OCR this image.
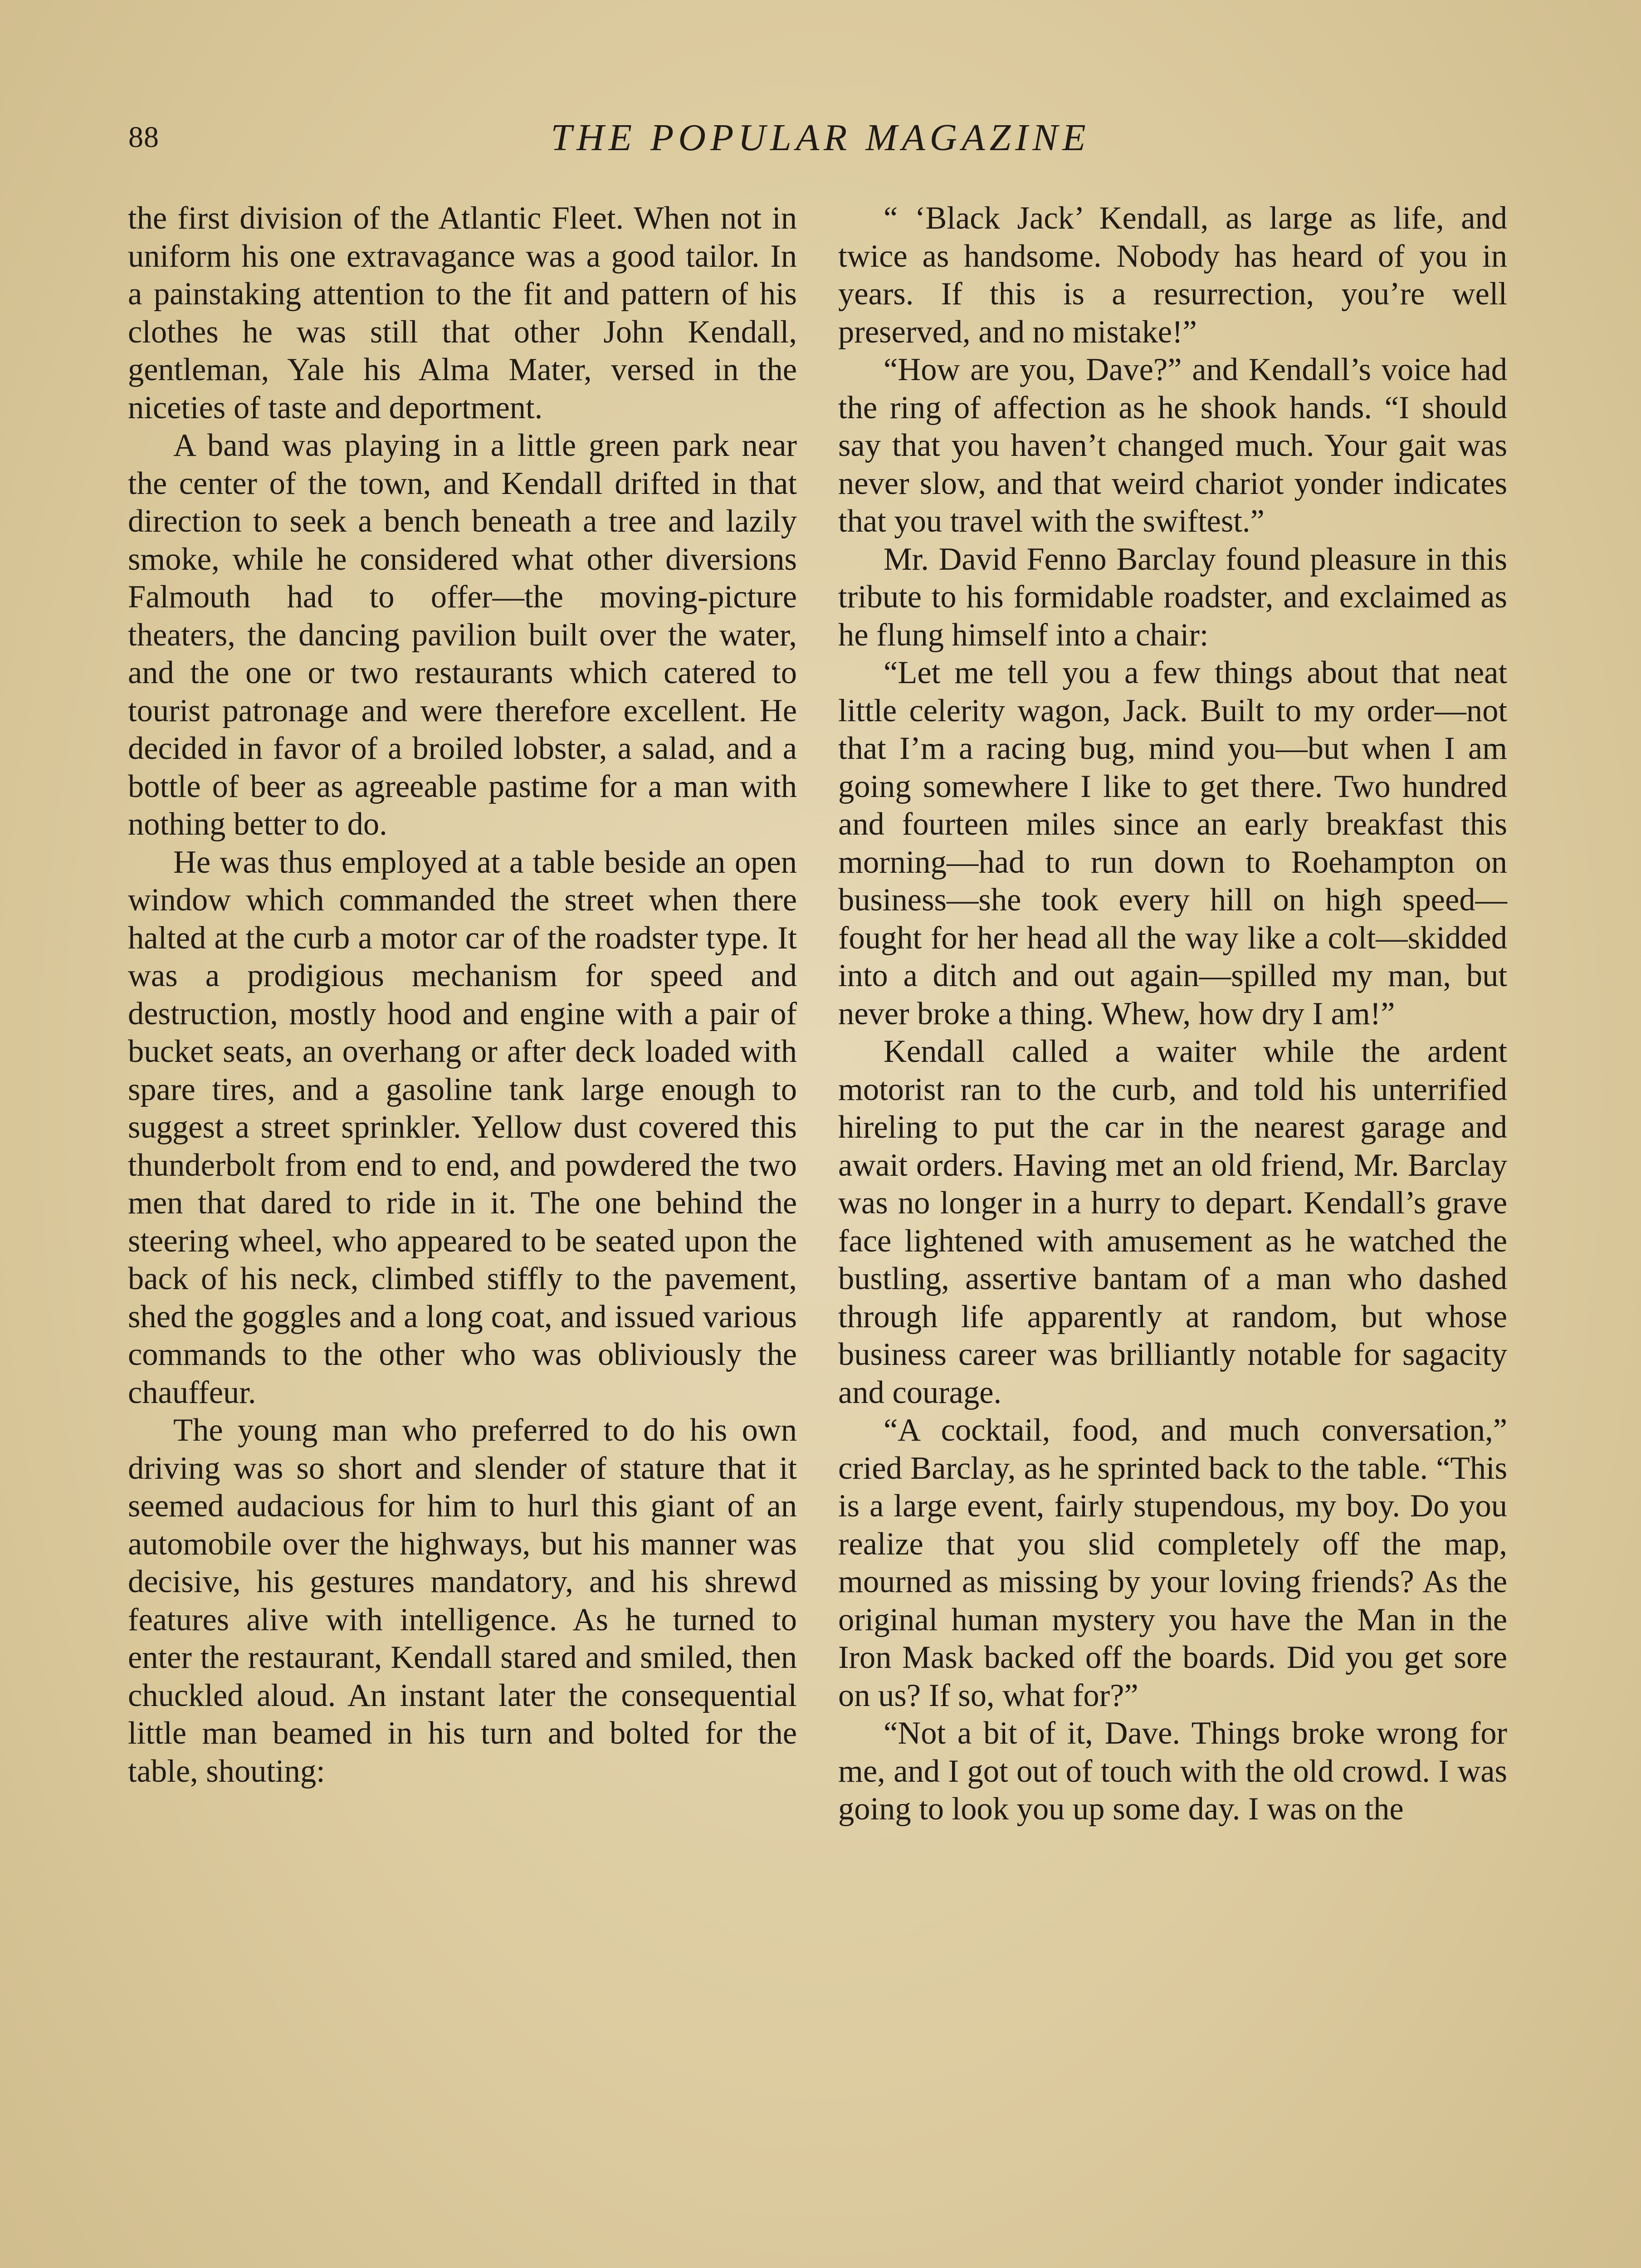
88	THE POPULAR MAGAZINE

the first division of the Atlantic Fleet. When not in uniform his one extravagance was a good tailor. In a painstaking attention to the fit and pattern of his clothes he was still that other John Kendall, gentleman, Yale his Alma Mater, versed in the niceties of taste and deportment.

A band was playing in a little green park near the center of the town, and Kendall drifted in that direction to seek a bench beneath a tree and lazily smoke, while he considered what other diversions Falmouth had to offer—the moving-picture theaters, the dancing pavilion built over the water, and the one or two restaurants which catered to tourist patronage and were therefore excellent. He decided in favor of a broiled lobster, a salad, and a bottle of beer as agreeable pastime for a man with nothing better to do.

He was thus employed at a table beside an open window which commanded the street when there halted at the curb a motor car of the roadster type. It was a prodigious mechanism for speed and destruction, mostly hood and engine with a pair of bucket seats, an overhang or after deck loaded with spare tires, and a gasoline tank large enough to suggest a street sprinkler. Yellow dust covered this thunderbolt from end to end, and powdered the two men that dared to ride in it. The one behind the steering wheel, who appeared to be seated upon the back of his neck, climbed stiffly to the pavement, shed the goggles and a long coat, and issued various commands to the other who was obliviously the chauffeur.

The young man who preferred to do his own driving was so short and slender of stature that it seemed audacious for him to hurl this giant of an automobile over the highways, but his manner was decisive, his gestures mandatory, and his shrewd features alive with intelligence. As he turned to enter the restaurant, Kendall stared and smiled, then chuckled aloud. An instant later the consequential little man beamed in his turn and bolted for the table, shouting:

“ ‘Black Jack’ Kendall, as large as life, and twice as handsome. Nobody has heard of you in years. If this is a resurrection, you’re well preserved, and no mistake!”

“How are you, Dave?” and Kendall’s voice had the ring of affection as he shook hands. “I should say that you haven’t changed much. Your gait was never slow, and that weird chariot yonder indicates that you travel with the swiftest.”

Mr. David Fenno Barclay found pleasure in this tribute to his formidable roadster, and exclaimed as he flung himself into a chair:

“Let me tell you a few things about that neat little celerity wagon, Jack. Built to my order—not that I’m a racing bug, mind you—but when I am going somewhere I like to get there. Two hundred and fourteen miles since an early breakfast this morning—had to run down to Roehampton on business—she took every hill on high speed—fought for her head all the way like a colt—skidded into a ditch and out again—spilled my man, but never broke a thing. Whew, how dry I am!”

Kendall called a waiter while the ardent motorist ran to the curb, and told his unterrified hireling to put the car in the nearest garage and await orders. Having met an old friend, Mr. Barclay was no longer in a hurry to depart. Kendall’s grave face lightened with amusement as he watched the bustling, assertive bantam of a man who dashed through life apparently at random, but whose business career was brilliantly notable for sagacity and courage.

“A cocktail, food, and much conversation,” cried Barclay, as he sprinted back to the table. “This is a large event, fairly stupendous, my boy. Do you realize that you slid completely off the map, mourned as missing by your loving friends? As the original human mystery you have the Man in the Iron Mask backed off the boards. Did you get sore on us? If so, what for?”

“Not a bit of it, Dave. Things broke wrong for me, and I got out of touch with the old crowd. I was going to look you up some day. I was on the
